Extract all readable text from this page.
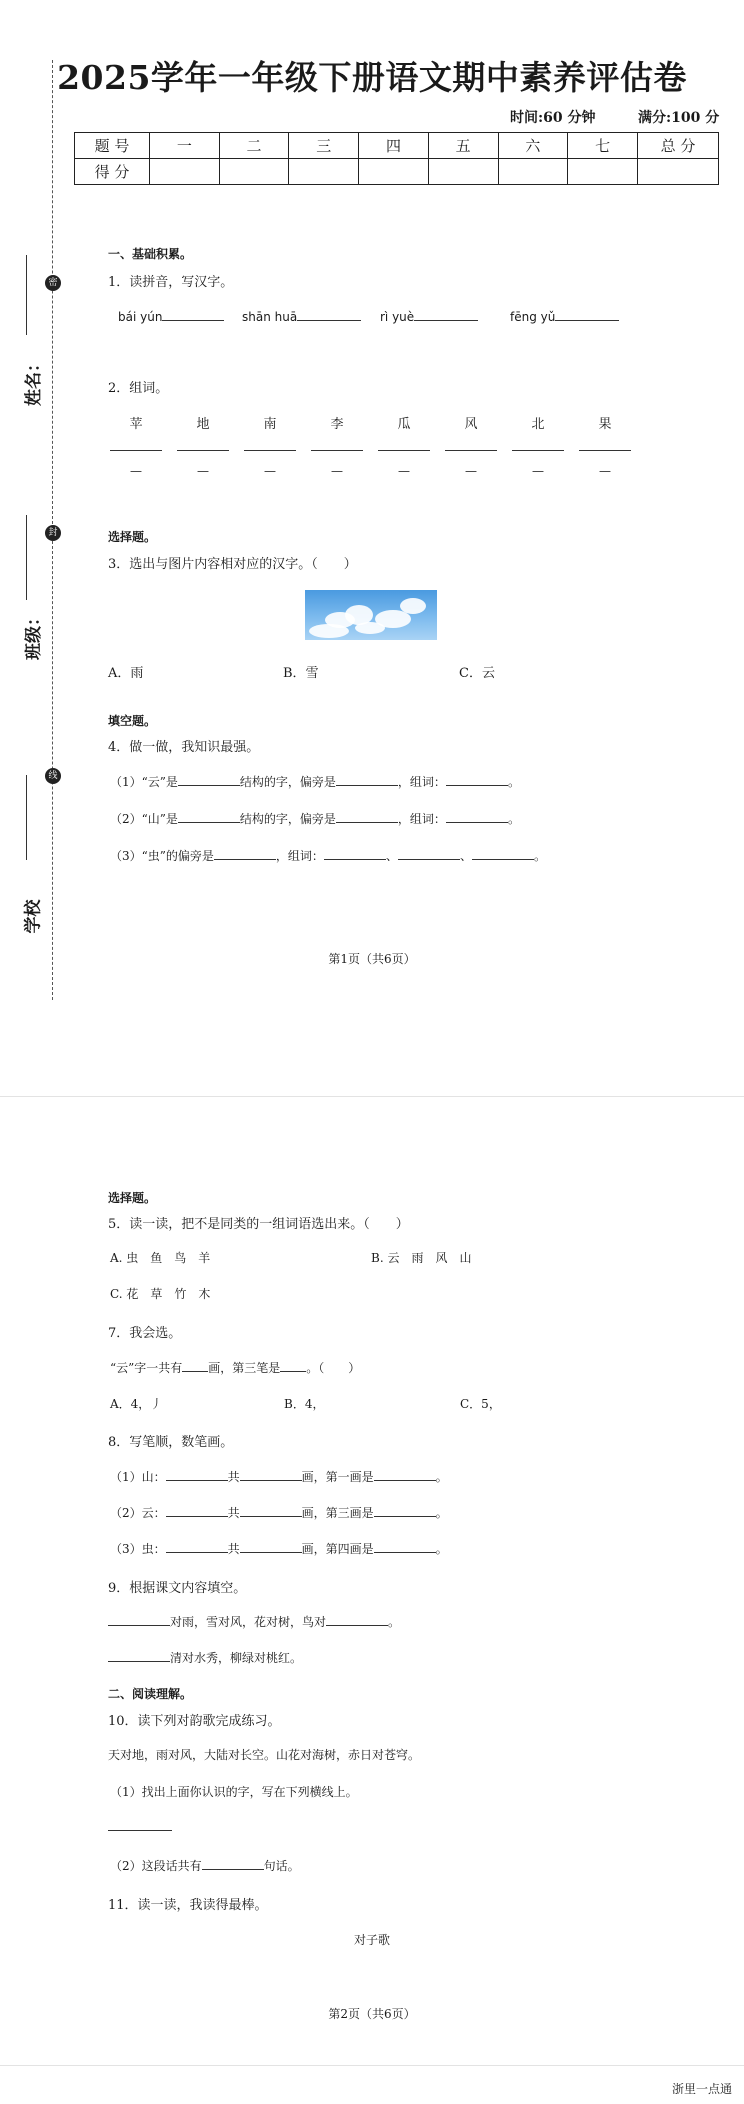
2025学年一年级下册语文期中素养评估卷
时间:60 分钟	满分:100 分
题 号	一	二	三	四	五	六	七	总 分
得 分								
密
封
线
姓名：
班级：
学校
一、基础积累。
1．读拼音，写汉字。
bái yún	shān huā	rì yuè	fēng yǔ
2．组词。
苹	地	南	李	瓜	风	北	果
—	—	—	—	—	—	—	—
选择题。
3．选出与图片内容相对应的汉字。（　　）
A．雨	B．雪	C．云
填空题。
4．做一做，我知识最强。
（1）“云”是	结构的字，偏旁是	，组词：	。
（2）“山”是	结构的字，偏旁是	，组词：	。
（3）“虫”的偏旁是	，组词：	、	、	。
第1页（共6页）
选择题。
5．读一读，把不是同类的一组词语选出来。（　　）
A. 虫　鱼　鸟　羊	B. 云　雨　风　山
C. 花　草　竹　木
7．我会选。
“云”字一共有 画，第三笔是 。（　　）
A．4，丿	B．4，	C．5，
8．写笔顺，数笔画。
（1）山：	共	画，第一画是	。
（2）云：	共	画，第三画是	。
（3）虫：	共	画，第四画是	。
9．根据课文内容填空。
对雨，雪对风，花对树，鸟对	。
清对水秀，柳绿对桃红。
二、阅读理解。
10．读下列对韵歌完成练习。
天对地，雨对风，大陆对长空。山花对海树，赤日对苍穹。
（1）找出上面你认识的字，写在下列横线上。
（2）这段话共有	句话。
11．读一读，我读得最棒。
对子歌
第2页（共6页）
浙里一点通
